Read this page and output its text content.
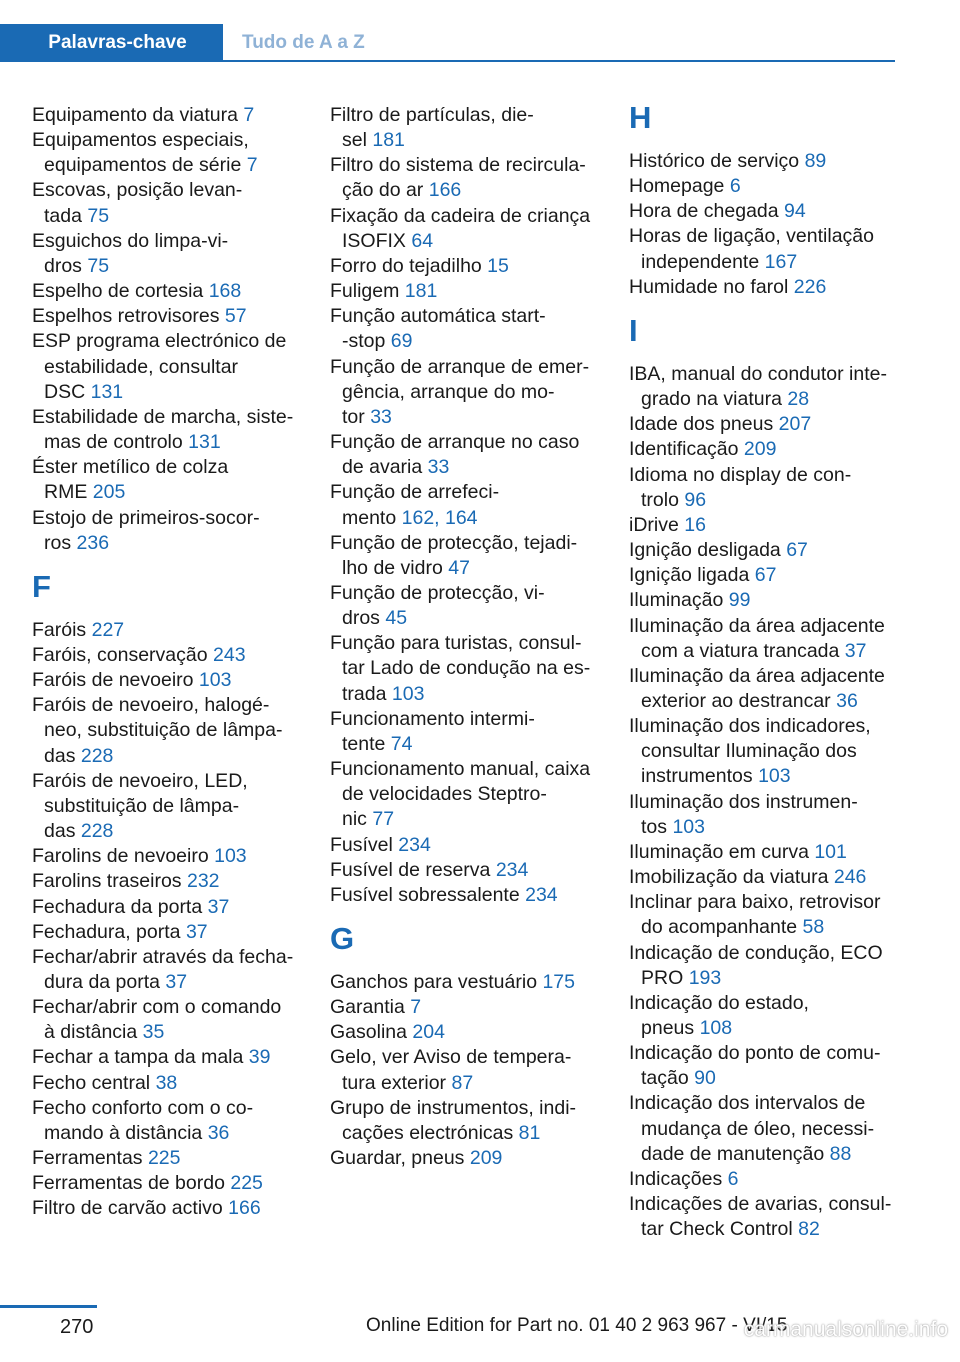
Palavras-chave	Tudo de A a Z
Equipamento da viatura 7
Equipamentos especiais,
equipamentos de série 7
Escovas, posição levan‐
tada 75
Esguichos do limpa-vi‐
dros 75
Espelho de cortesia 168
Espelhos retrovisores 57
ESP programa electrónico de
estabilidade, consultar
DSC 131
Estabilidade de marcha, siste‐
mas de controlo 131
Éster metílico de colza
RME 205
Estojo de primeiros-socor‐
ros 236
F
Faróis 227
Faróis, conservação 243
Faróis de nevoeiro 103
Faróis de nevoeiro, halogé‐
neo, substituição de lâmpa‐
das 228
Faróis de nevoeiro, LED,
substituição de lâmpa‐
das 228
Farolins de nevoeiro 103
Farolins traseiros 232
Fechadura da porta 37
Fechadura, porta 37
Fechar/abrir através da fecha‐
dura da porta 37
Fechar/abrir com o comando
à distância 35
Fechar a tampa da mala 39
Fecho central 38
Fecho conforto com o co‐
mando à distância 36
Ferramentas 225
Ferramentas de bordo 225
Filtro de carvão activo 166
Filtro de partículas, die‐
sel 181
Filtro do sistema de recircula‐
ção do ar 166
Fixação da cadeira de criança
ISOFIX 64
Forro do tejadilho 15
Fuligem 181
Função automática start-
-stop 69
Função de arranque de emer‐
gência, arranque do mo‐
tor 33
Função de arranque no caso
de avaria 33
Função de arrefeci‐
mento 162, 164
Função de protecção, tejadi‐
lho de vidro 47
Função de protecção, vi‐
dros 45
Função para turistas, consul‐
tar Lado de condução na es‐
trada 103
Funcionamento intermi‐
tente 74
Funcionamento manual, caixa
de velocidades Steptro‐
nic 77
Fusível 234
Fusível de reserva 234
Fusível sobressalente 234
G
Ganchos para vestuário 175
Garantia 7
Gasolina 204
Gelo, ver Aviso de tempera‐
tura exterior 87
Grupo de instrumentos, indi‐
cações electrónicas 81
Guardar, pneus 209
H
Histórico de serviço 89
Homepage 6
Hora de chegada 94
Horas de ligação, ventilação
independente 167
Humidade no farol 226
I
IBA, manual do condutor inte‐
grado na viatura 28
Idade dos pneus 207
Identificação 209
Idioma no display de con‐
trolo 96
iDrive 16
Ignição desligada 67
Ignição ligada 67
Iluminação 99
Iluminação da área adjacente
com a viatura trancada 37
Iluminação da área adjacente
exterior ao destrancar 36
Iluminação dos indicadores,
consultar Iluminação dos
instrumentos 103
Iluminação dos instrumen‐
tos 103
Iluminação em curva 101
Imobilização da viatura 246
Inclinar para baixo, retrovisor
do acompanhante 58
Indicação de condução, ECO
PRO 193
Indicação do estado,
pneus 108
Indicação do ponto de comu‐
tação 90
Indicação dos intervalos de
mudança de óleo, necessi‐
dade de manutenção 88
Indicações 6
Indicações de avarias, consul‐
tar Check Control 82
270	Online Edition for Part no. 01 40 2 963 967 - VI/15
carmanualsonline.info
